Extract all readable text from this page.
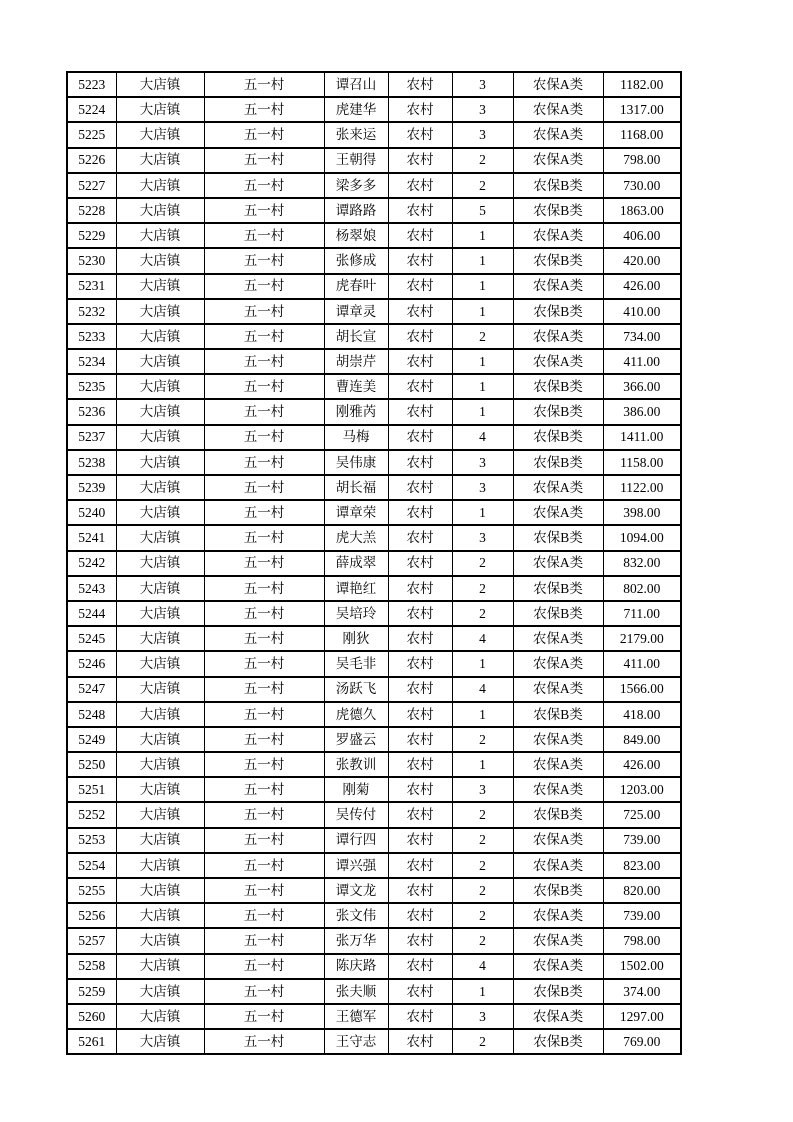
5223	大店镇	五一村	谭召山	农村	3	农保A类	1182.00
5224	大店镇	五一村	虎建华	农村	3	农保A类	1317.00
5225	大店镇	五一村	张来运	农村	3	农保A类	1168.00
5226	大店镇	五一村	王朝得	农村	2	农保A类	798.00
5227	大店镇	五一村	梁多多	农村	2	农保B类	730.00
5228	大店镇	五一村	谭路路	农村	5	农保B类	1863.00
5229	大店镇	五一村	杨翠娘	农村	1	农保A类	406.00
5230	大店镇	五一村	张修成	农村	1	农保B类	420.00
5231	大店镇	五一村	虎春叶	农村	1	农保A类	426.00
5232	大店镇	五一村	谭章灵	农村	1	农保B类	410.00
5233	大店镇	五一村	胡长宣	农村	2	农保A类	734.00
5234	大店镇	五一村	胡崇芹	农村	1	农保A类	411.00
5235	大店镇	五一村	曹连美	农村	1	农保B类	366.00
5236	大店镇	五一村	刚雅芮	农村	1	农保B类	386.00
5237	大店镇	五一村	马梅	农村	4	农保B类	1411.00
5238	大店镇	五一村	吴伟康	农村	3	农保B类	1158.00
5239	大店镇	五一村	胡长福	农村	3	农保A类	1122.00
5240	大店镇	五一村	谭章荣	农村	1	农保A类	398.00
5241	大店镇	五一村	虎大羔	农村	3	农保B类	1094.00
5242	大店镇	五一村	薛成翠	农村	2	农保A类	832.00
5243	大店镇	五一村	谭艳红	农村	2	农保B类	802.00
5244	大店镇	五一村	吴培玲	农村	2	农保B类	711.00
5245	大店镇	五一村	刚狄	农村	4	农保A类	2179.00
5246	大店镇	五一村	吴毛非	农村	1	农保A类	411.00
5247	大店镇	五一村	汤跃飞	农村	4	农保A类	1566.00
5248	大店镇	五一村	虎德久	农村	1	农保B类	418.00
5249	大店镇	五一村	罗盛云	农村	2	农保A类	849.00
5250	大店镇	五一村	张教训	农村	1	农保A类	426.00
5251	大店镇	五一村	刚菊	农村	3	农保A类	1203.00
5252	大店镇	五一村	吴传付	农村	2	农保B类	725.00
5253	大店镇	五一村	谭行四	农村	2	农保A类	739.00
5254	大店镇	五一村	谭兴强	农村	2	农保A类	823.00
5255	大店镇	五一村	谭文龙	农村	2	农保B类	820.00
5256	大店镇	五一村	张文伟	农村	2	农保A类	739.00
5257	大店镇	五一村	张万华	农村	2	农保A类	798.00
5258	大店镇	五一村	陈庆路	农村	4	农保A类	1502.00
5259	大店镇	五一村	张夫顺	农村	1	农保B类	374.00
5260	大店镇	五一村	王德军	农村	3	农保A类	1297.00
5261	大店镇	五一村	王守志	农村	2	农保B类	769.00
